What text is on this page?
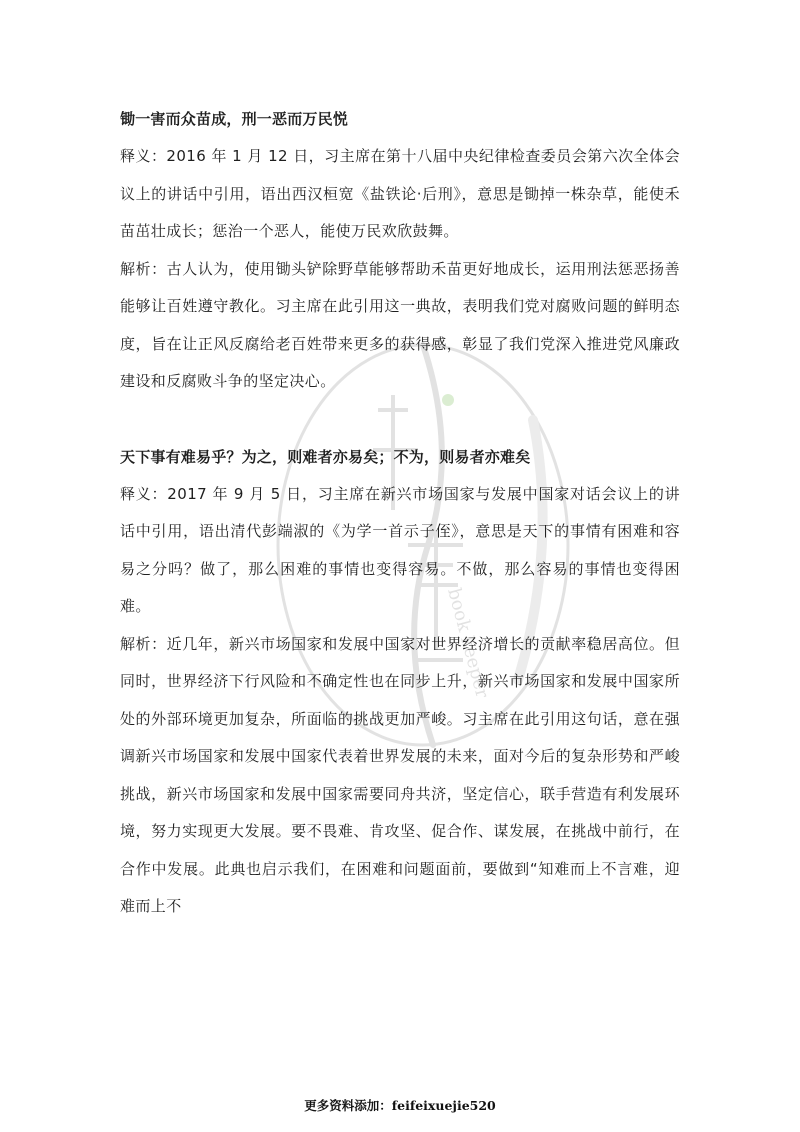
book keeper

锄一害而众苗成，刑一恶而万民悦

释义：2016 年 1 月 12 日，习主席在第十八届中央纪律检查委员会第六次全体会议上的讲话中引用，语出西汉桓宽《盐铁论·后刑》，意思是锄掉一株杂草，能使禾苗茁壮成长；惩治一个恶人，能使万民欢欣鼓舞。

解析：古人认为，使用锄头铲除野草能够帮助禾苗更好地成长，运用刑法惩恶扬善能够让百姓遵守教化。习主席在此引用这一典故，表明我们党对腐败问题的鲜明态度，旨在让正风反腐给老百姓带来更多的获得感，彰显了我们党深入推进党风廉政建设和反腐败斗争的坚定决心。

天下事有难易乎？为之，则难者亦易矣；不为，则易者亦难矣

释义：2017 年 9 月 5 日，习主席在新兴市场国家与发展中国家对话会议上的讲话中引用，语出清代彭端淑的《为学一首示子侄》，意思是天下的事情有困难和容易之分吗？做了，那么困难的事情也变得容易。不做，那么容易的事情也变得困难。

解析：近几年，新兴市场国家和发展中国家对世界经济增长的贡献率稳居高位。但同时，世界经济下行风险和不确定性也在同步上升，新兴市场国家和发展中国家所处的外部环境更加复杂，所面临的挑战更加严峻。习主席在此引用这句话，意在强调新兴市场国家和发展中国家代表着世界发展的未来，面对今后的复杂形势和严峻挑战，新兴市场国家和发展中国家需要同舟共济，坚定信心，联手营造有利发展环境，努力实现更大发展。要不畏难、肯攻坚、促合作、谋发展，在挑战中前行，在合作中发展。此典也启示我们，在困难和问题面前，要做到“知难而上不言难，迎难而上不

更多资料添加：feifeixuejie520
